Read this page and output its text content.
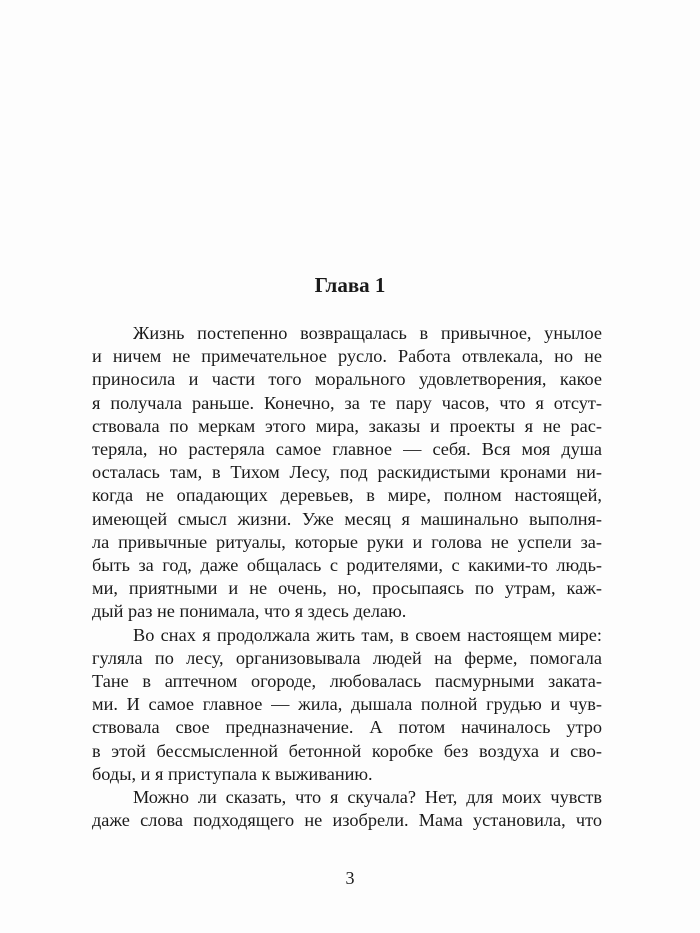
Глава 1
Жизнь постепенно возвращалась в привычное, унылое
и ничем не примечательное русло. Работа отвлекала, но не
приносила и части того морального удовлетворения, какое
я получала раньше. Конечно, за те пару часов, что я отсут-
ствовала по меркам этого мира, заказы и проекты я не рас-
теряла, но растеряла самое главное — себя. Вся моя душа
осталась там, в Тихом Лесу, под раскидистыми кронами ни-
когда не опадающих деревьев, в мире, полном настоящей,
имеющей смысл жизни. Уже месяц я машинально выполня-
ла привычные ритуалы, которые руки и голова не успели за-
быть за год, даже общалась с родителями, с какими-то людь-
ми, приятными и не очень, но, просыпаясь по утрам, каж-
дый раз не понимала, что я здесь делаю.
Во снах я продолжала жить там, в своем настоящем мире:
гуляла по лесу, организовывала людей на ферме, помогала
Тане в аптечном огороде, любовалась пасмурными заката-
ми. И самое главное — жила, дышала полной грудью и чув-
ствовала свое предназначение. А потом начиналось утро
в этой бессмысленной бетонной коробке без воздуха и сво-
боды, и я приступала к выживанию.
Можно ли сказать, что я скучала? Нет, для моих чувств
3
даже слова подходящего не изобрели. Мама установила, что
